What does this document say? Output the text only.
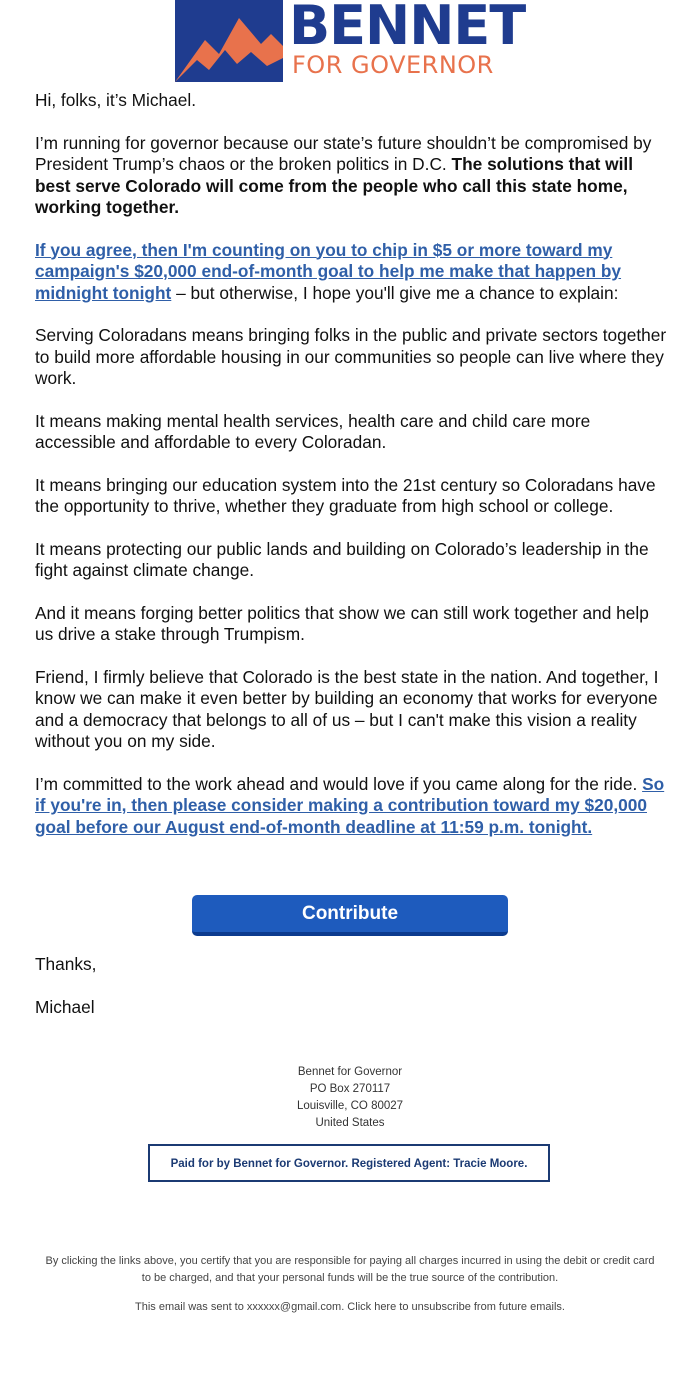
BENNET
FOR GOVERNOR

Hi, folks, it’s Michael.

I’m running for governor because our state’s future shouldn’t be compromised by President Trump’s chaos or the broken politics in D.C. The solutions that will best serve Colorado will come from the people who call this state home, working together.

If you agree, then I'm counting on you to chip in $5 or more toward my campaign's $20,000 end-of-month goal to help me make that happen by midnight tonight – but otherwise, I hope you'll give me a chance to explain:

Serving Coloradans means bringing folks in the public and private sectors together to build more affordable housing in our communities so people can live where they work.

It means making mental health services, health care and child care more accessible and affordable to every Coloradan.

It means bringing our education system into the 21st century so Coloradans have the opportunity to thrive, whether they graduate from high school or college.

It means protecting our public lands and building on Colorado’s leadership in the fight against climate change.

And it means forging better politics that show we can still work together and help us drive a stake through Trumpism.

Friend, I firmly believe that Colorado is the best state in the nation. And together, I know we can make it even better by building an economy that works for everyone and a democracy that belongs to all of us – but I can't make this vision a reality without you on my side.

I’m committed to the work ahead and would love if you came along for the ride. So if you're in, then please consider making a contribution toward my $20,000 goal before our August end-of-month deadline at 11:59 p.m. tonight.

Contribute

Thanks,

Michael

Bennet for Governor
PO Box 270117
Louisville, CO 80027
United States
Paid for by Bennet for Governor. Registered Agent: Tracie Moore.

By clicking the links above, you certify that you are responsible for paying all charges incurred in using the debit or credit card to be charged, and that your personal funds will be the true source of the contribution.

This email was sent to xxxxxx@gmail.com. Click here to unsubscribe from future emails.
